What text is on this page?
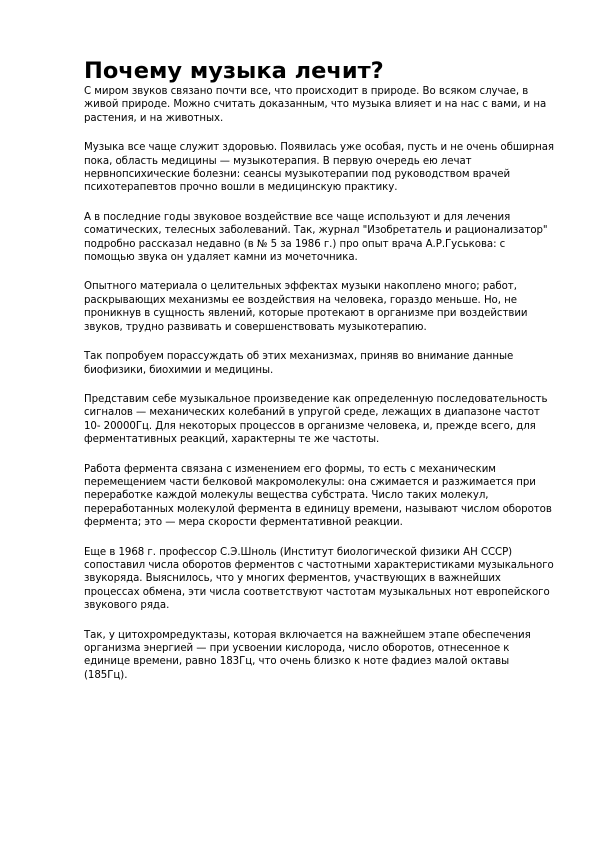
Почему музыка лечит?

С миром звуков связано почти все, что происходит в природе. Во всяком случае, в живой природе. Можно считать доказанным, что музыка влияет и на нас с вами, и на растения, и на животных.

Музыка все чаще служит здоровью. Появилась уже особая, пусть и не очень обширная пока, область медицины — музыкотерапия. В первую очередь ею лечат нервнопсихические болезни: сеансы музыкотерапии под руководством врачей психотерапевтов прочно вошли в медицинскую практику.

А в последние годы звуковое воздействие все чаще используют и для лечения соматических, телесных заболеваний. Так, журнал "Изобретатель и рационализатор" подробно рассказал недавно (в № 5 за 1986 г.) про опыт врача А.Р.Гуськова: с помощью звука он удаляет камни из мочеточника.

Опытного материала о целительных эффектах музыки накоплено много; работ, раскрывающих механизмы ее воздействия на человека, гораздо меньше. Но, не проникнув в сущность явлений, которые протекают в организме при воздействии звуков, трудно развивать и совершенствовать музыкотерапию.

Так попробуем порассуждать об этих механизмах, приняв во внимание данные биофизики, биохимии и медицины.

Представим себе музыкальное произведение как определенную последовательность сигналов — механических колебаний в упругой среде, лежащих в диапазоне частот 10- 20000Гц. Для некоторых процессов в организме человека, и, прежде всего, для ферментативных реакций, характерны те же частоты.

Работа фермента связана с изменением его формы, то есть с механическим перемещением части белковой макромолекулы: она сжимается и разжимается при переработке каждой молекулы вещества субстрата. Число таких молекул, переработанных молекулой фермента в единицу времени, называют числом оборотов фермента; это — мера скорости ферментативной реакции.

Еще в 1968 г. профессор С.Э.Шноль (Институт биологической физики АН СССР) сопоставил числа оборотов ферментов с частотными характеристиками музыкального звукоряда. Выяснилось, что у многих ферментов, участвующих в важнейших процессах обмена, эти числа соответствуют частотам музыкальных нот европейского звукового ряда.

Так, у цитохромредуктазы, которая включается на важнейшем этапе обеспечения организма энергией — при усвоении кислорода, число оборотов, отнесенное к единице времени, равно 183Гц, что очень близко к ноте фадиез малой октавы (185Гц).
